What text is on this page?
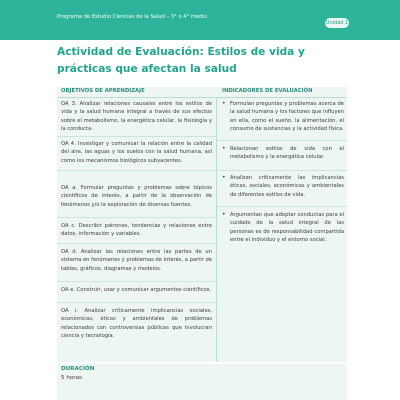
Programa de Estudio Ciencias de la Salud – 3° o 4° medio
Unidad 1
Actividad de Evaluación: Estilos de vida y prácticas que afectan la salud
OBJETIVOS DE APRENDIZAJE	INDICADORES DE EVALUACIÓN
OA 3. Analizar relaciones causales entre los estilos de vida y la salud humana integral a través de sus efectos sobre el metabolismo, la energética celular, la fisiología y la conducta.
OA 4. Investigar y comunicar la relación entre la calidad del aire, las aguas y los suelos con la salud humana, así como los mecanismos biológicos subyacentes.
OA a. Formular preguntas y problemas sobre tópicos científicos de interés, a partir de la observación de fenómenos y/o la exploración de diversas fuentes.
OA c. Describir patrones, tendencias y relaciones entre datos, información y variables.
OA d. Analizar las relaciones entre las partes de un sistema en fenómenos y problemas de interés, a partir de tablas, gráficos, diagramas y modelos.
OA e. Construir, usar y comunicar argumentos científicos.
OA i. Analizar críticamente implicancias sociales, económicas, éticas y ambientales de problemas relacionados con controversias públicas que involucran ciencia y tecnología.
• Formulan preguntas y problemas acerca de la salud humana y los factores que influyen en ella, como el sueño, la alimentación, el consumo de sustancias y la actividad física.
• Relacionan estilos de vida con el metabolismo y la energética celular.
• Analizan críticamente las implicancias éticas, sociales, económicas y ambientales de diferentes estilos de vida.
• Argumentan que adoptar conductas para el cuidado de la salud integral de las personas es de responsabilidad compartida entre el individuo y el entorno social.
DURACIÓN
5 horas
